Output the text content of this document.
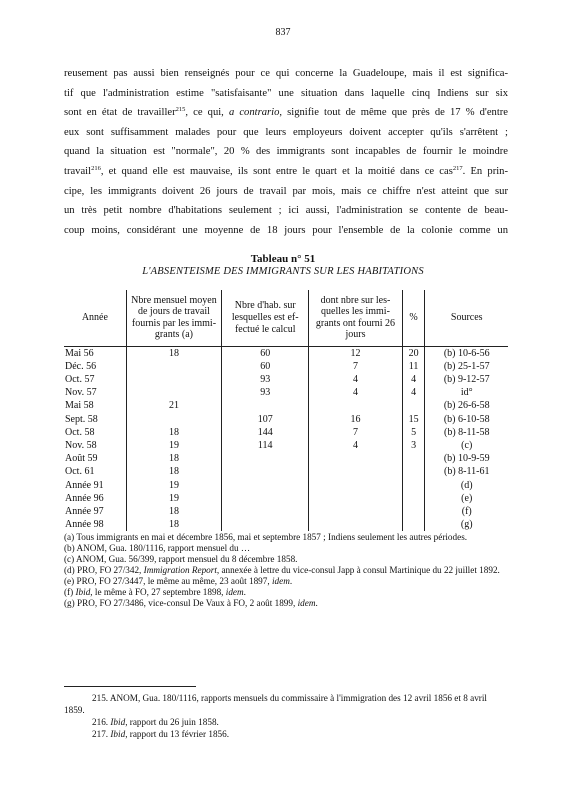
837
reusement pas aussi bien renseignés pour ce qui concerne la Guadeloupe, mais il est significa-
tif que l'administration estime "satisfaisante" une situation dans laquelle cinq Indiens sur six
sont en état de travailler$^{215}$, ce qui, a contrario, signifie tout de même que près de 17 % d'entre
eux sont suffisamment malades pour que leurs employeurs doivent accepter qu'ils s'arrêtent ;
quand la situation est "normale", 20 % des immigrants sont incapables de fournir le moindre
travail$^{216}$, et quand elle est mauvaise, ils sont entre le quart et la moitié dans ce cas$^{217}$. En prin-
cipe, les immigrants doivent 26 jours de travail par mois, mais ce chiffre n'est atteint que sur
un très petit nombre d'habitations seulement ; ici aussi, l'administration se contente de beau-
coup moins, considérant une moyenne de 18 jours pour l'ensemble de la colonie comme un
Tableau n° 51
L'ABSENTEISME DES IMMIGRANTS SUR LES HABITATIONS
Année	Nbre mensuel moyen de jours de travail fournis par les immi-grants (a)	Nbre d'hab. sur lesquelles est ef-fectué le calcul	dont nbre sur les-quelles les immi-grants ont fourni 26 jours	%	Sources
Mai 56	18	60	12	20	(b) 10-6-56
Déc. 56		60	7	11	(b) 25-1-57
Oct. 57		93	4	4	(b) 9-12-57
Nov. 57		93	4	4	id°
Mai 58	21				(b) 26-6-58
Sept. 58		107	16	15	(b) 6-10-58
Oct. 58	18	144	7	5	(b) 8-11-58
Nov. 58	19	114	4	3	(c)
Août 59	18				(b) 10-9-59
Oct. 61	18				(b) 8-11-61
Année 91	19				(d)
Année 96	19				(e)
Année 97	18				(f)
Année 98	18				(g)
(a) Tous immigrants en mai et décembre 1856, mai et septembre 1857 ; Indiens seulement les autres périodes.
(b) ANOM, Gua. 180/1116, rapport mensuel du …
(c) ANOM, Gua. 56/399, rapport mensuel du 8 décembre 1858.
(d) PRO, FO 27/342, Immigration Report, annexée à lettre du vice-consul Japp à consul Martinique du 22 juillet 1892.
(e) PRO, FO 27/3447, le même au même, 23 août 1897, idem.
(f) Ibid, le même à FO, 27 septembre 1898, idem.
(g) PRO, FO 27/3486, vice-consul De Vaux à FO, 2 août 1899, idem.
215. ANOM, Gua. 180/1116, rapports mensuels du commissaire à l'immigration des 12 avril 1856 et 8 avril 1859.
216. Ibid, rapport du 26 juin 1858.
217. Ibid, rapport du 13 février 1856.
